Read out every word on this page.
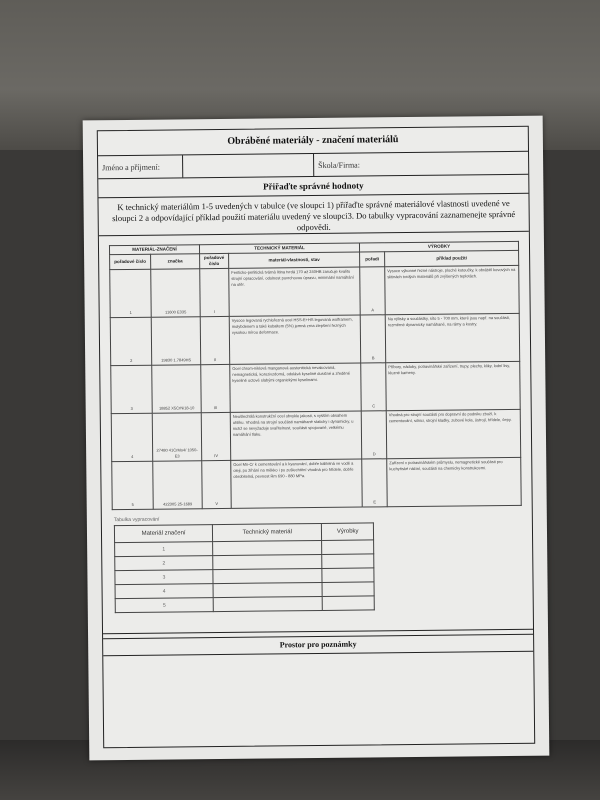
Obráběné materiály - značení materiálů
Jméno a příjmení:	Škola/Firma:
Přiřaďte správné hodnoty
K technický materiálům 1-5 uvedených v tabulce (ve sloupci 1) přiřaďte správné materiálové vlastnosti uvedené ve sloupci 2 a odpovídající příklad použití materiálu uvedený ve sloupci3. Do tabulky vypracování zaznamenejte správné odpovědi.
MATERIÁL-ZNAČENÍ		TECHNICKÝ MATERIÁL		VÝROBKY	
pořadové číslo	značka	pořadové číslo	materiál-vlastnosti, stav	pořadí	příklad použití
1	11600 E335	I	Feriticko-perlitická tvárná litina tvrdá 170 až 240HB zaručuje kvalitu strojní opracování, odolnost povrchovou úpravu, minimální namáhání na otěr.	A	Vysoce výkonné řezné nástroje, ploché kotoučky, k obráběl kovových na slitinách tvrdých materiálů při zvýšených teplotách.
2	19830 1.7849HS	II	Vysoce legovaná rychlořezná ocel HSS-E+HS legovaná wolframem, molybdenem a také kobaltem (5%) jemná zrna zlepšení řezných vysokou mírou deformace.	B	Na výlisky a součástky, síto 5 - 700 mm, které jsou např. na součásti, rozměrné dynamicky namáhané, na rámy a kostry.
3	18852 X5CrNi18-10	III	Ocel chrom-niklová manganová austenitická nevalcovaná, nemagnetická, korozivzdorná, odolává kyselině dusičné a zředěné kyselině octové slabými organickými kyselinami.	C	Příbory, nádoby, potravinářské zařízení, trupy, plechy, kliky, lodní lisy, kluzné kameny.
4	27480 41CrMo4/ 1050-E3	IV	Neušlechtilá konstrukční ocel obvykle jakosti, s vyšším obsahem uhlíku. Vhodná na strojní součásti namáhané staticky i dynamicky, u nichž se nevyžaduje svařitelnost, součásti spojované, velkému namáhání tlaku.	D	Vhodná pro strojní součásti pro dopravní do podniku zboží, k cementování, silnici, strojní kladky, zubové kola, ústrojí, hřídele, čepy.
5	422305 25-1689	V	Ocel Mn-Cr k cementování a k kyanování, dobře kalitelná ve vodě a oleji, po žíhání na měkko i po zušlechtění vhodná pro hřídele, dobře obrobitelná, pevnost Rm 690 - 880 MPa.	E	Zařízení v potravinářském průmyslu, nemagnetické součásti pro kuchyňské náčiní, součásti na chemicky konstrukcemi.
Tabulka vypracování
Materiál značení	Technický materiál	Výrobky
1		
2		
3		
4		
5		
Prostor pro poznámky
